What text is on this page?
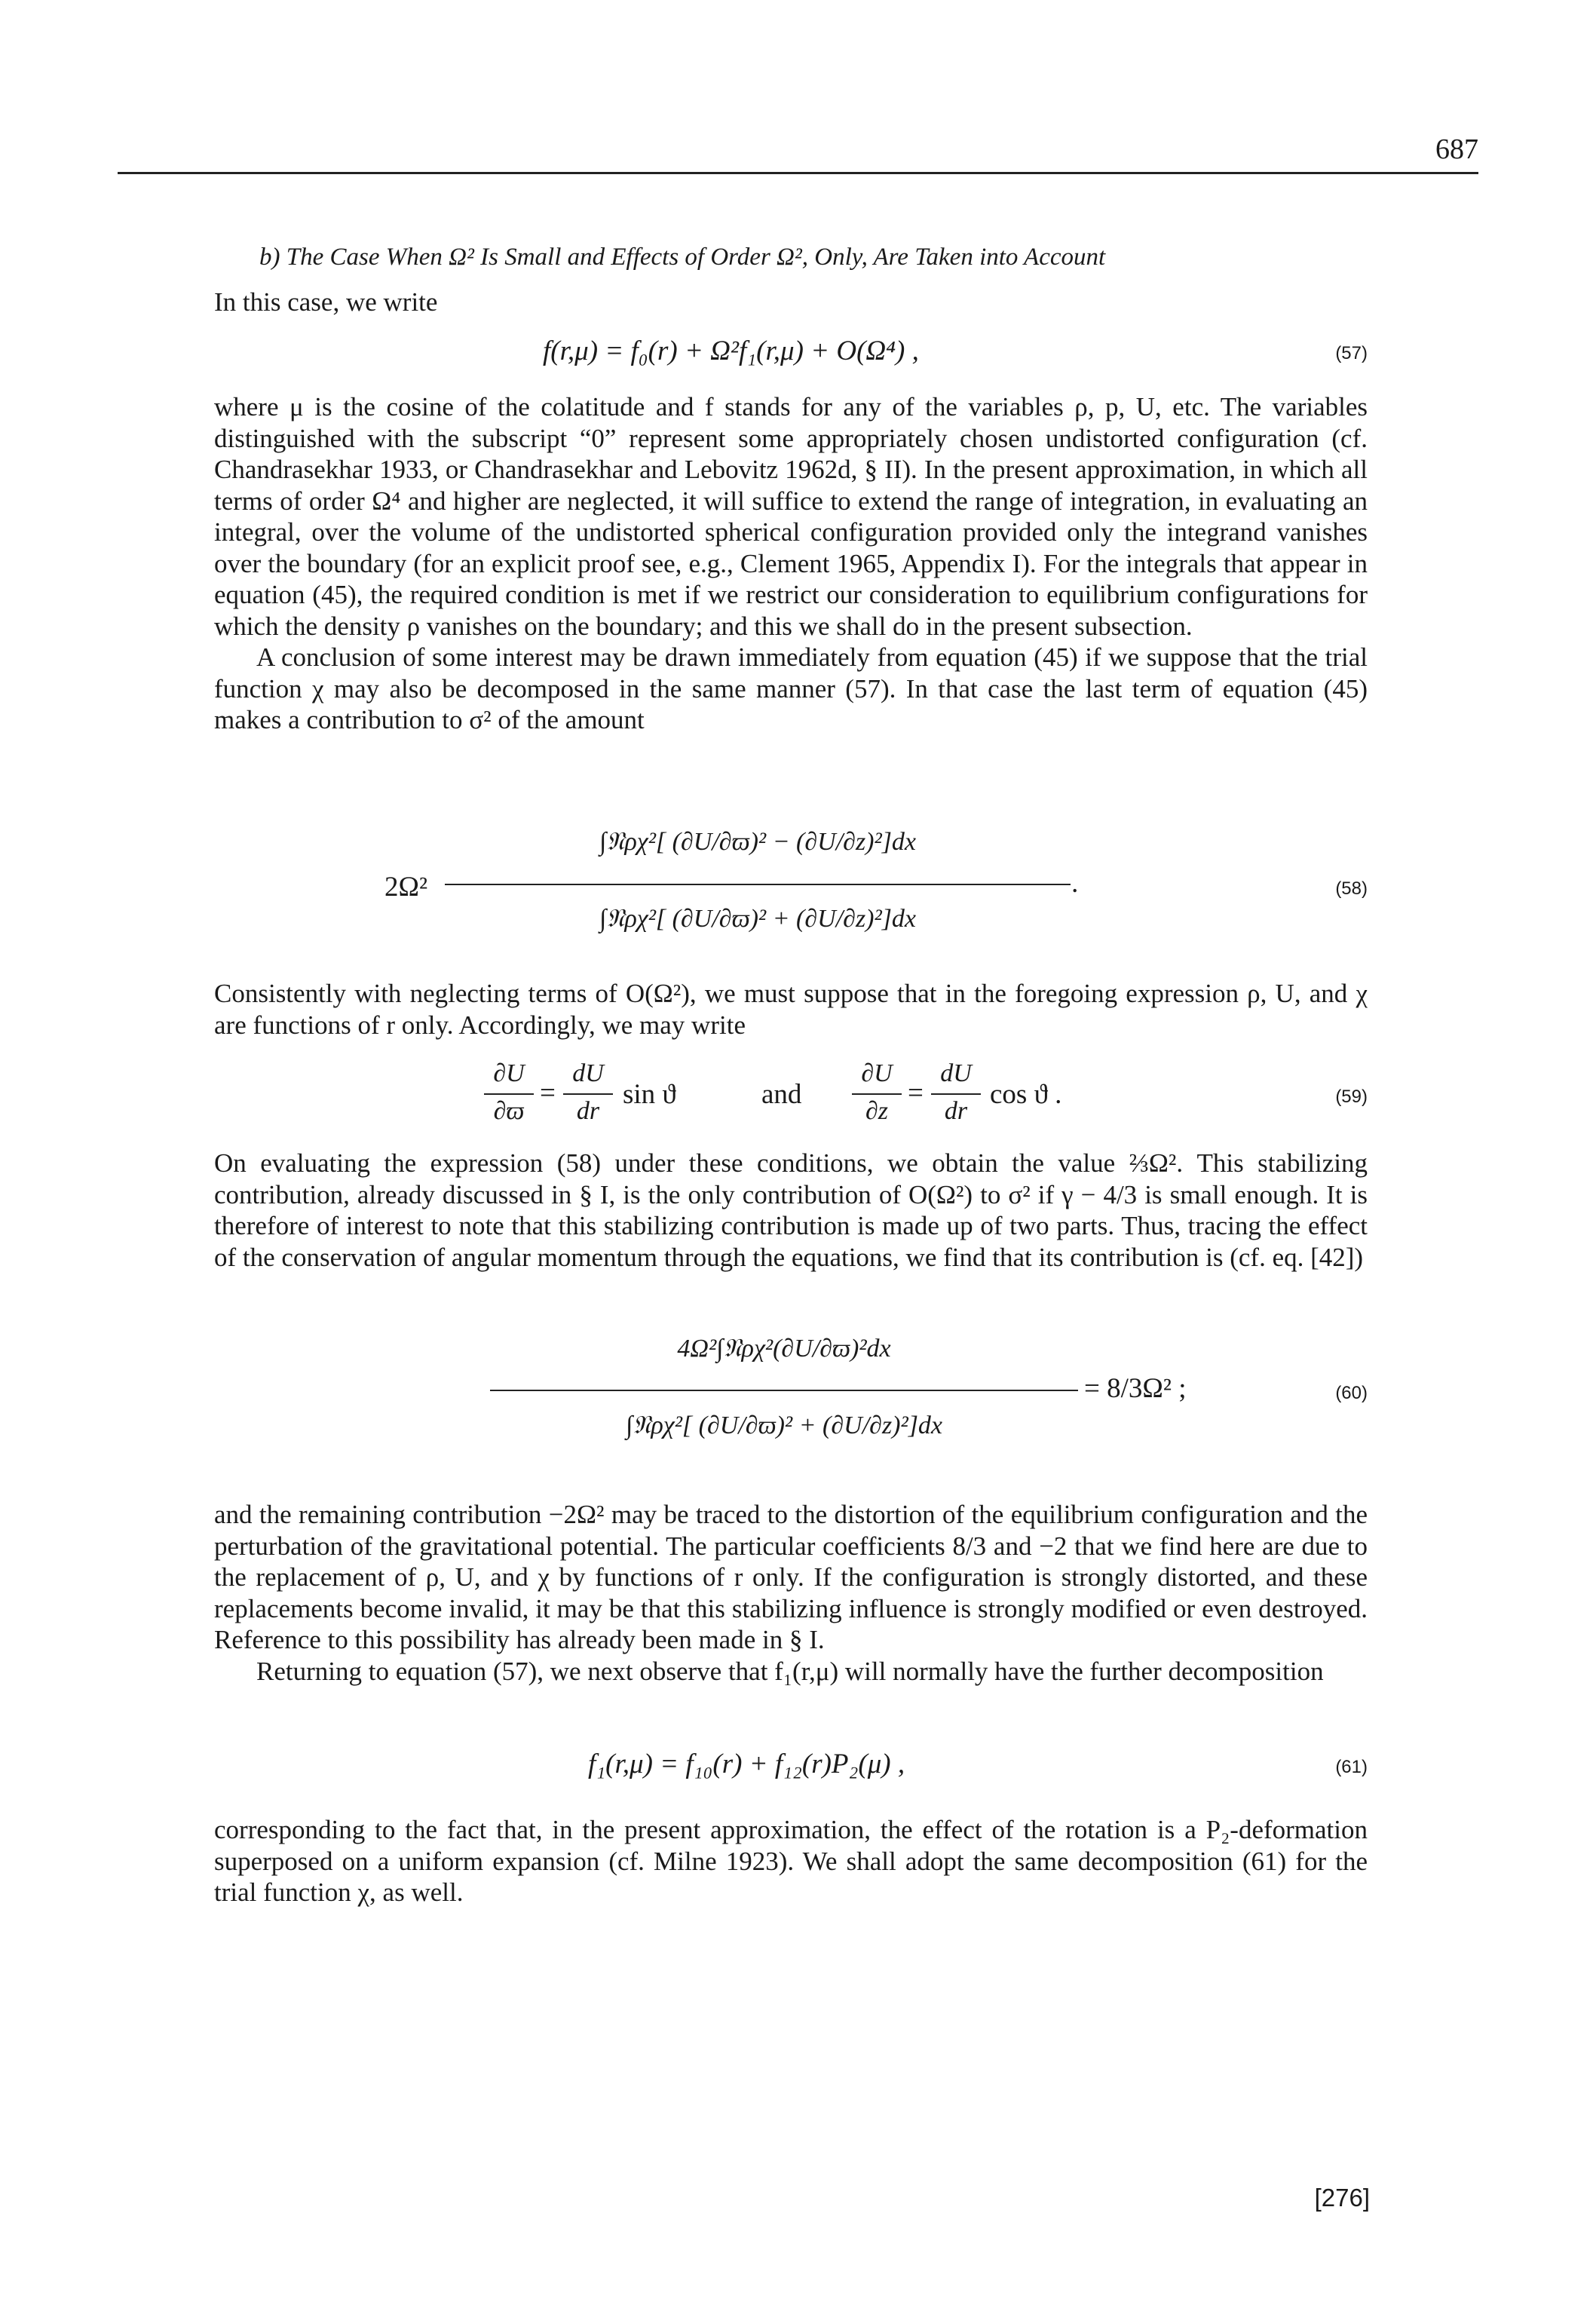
687
b) The Case When Ω² Is Small and Effects of Order Ω², Only, Are Taken into Account

In this case, we write

f(r,μ) = f₀(r) + Ω²f₁(r,μ) + O(Ω⁴) ,	(57)

where μ is the cosine of the colatitude and f stands for any of the variables ρ, p, U, etc. The variables distinguished with the subscript “0” represent some appropriately chosen undistorted configuration (cf. Chandrasekhar 1933, or Chandrasekhar and Lebovitz 1962d, § II). In the present approximation, in which all terms of order Ω⁴ and higher are neglected, it will suffice to extend the range of integration, in evaluating an integral, over the volume of the undistorted spherical configuration provided only the integrand vanishes over the boundary (for an explicit proof see, e.g., Clement 1965, Appendix I). For the integrals that appear in equation (45), the required condition is met if we restrict our consideration to equilibrium configurations for which the density ρ vanishes on the boundary; and this we shall do in the present subsection.

A conclusion of some interest may be drawn immediately from equation (45) if we suppose that the trial function χ may also be decomposed in the same manner (57). In that case the last term of equation (45) makes a contribution to σ² of the amount

2Ω²
∫𝔑ρχ²[ (∂U/∂ϖ)² − (∂U/∂z)²]dx
∫𝔑ρχ²[ (∂U/∂ϖ)² + (∂U/∂z)²]dx
.	(58)

Consistently with neglecting terms of O(Ω²), we must suppose that in the foregoing expression ρ, U, and χ are functions of r only. Accordingly, we may write

∂U
∂ϖ
=
dU
dr
sin ϑ	and
∂U
∂z
=
dU
dr
cos ϑ .	(59)

On evaluating the expression (58) under these conditions, we obtain the value ⅔Ω². This stabilizing contribution, already discussed in § I, is the only contribution of O(Ω²) to σ² if γ − 4/3 is small enough. It is therefore of interest to note that this stabilizing contribution is made up of two parts. Thus, tracing the effect of the conservation of angular momentum through the equations, we find that its contribution is (cf. eq. [42])

4Ω²∫𝔑ρχ²(∂U/∂ϖ)²dx
∫𝔑ρχ²[ (∂U/∂ϖ)² + (∂U/∂z)²]dx
= 8/3Ω² ;	(60)

and the remaining contribution −2Ω² may be traced to the distortion of the equilibrium configuration and the perturbation of the gravitational potential. The particular coefficients 8/3 and −2 that we find here are due to the replacement of ρ, U, and χ by functions of r only. If the configuration is strongly distorted, and these replacements become invalid, it may be that this stabilizing influence is strongly modified or even destroyed. Reference to this possibility has already been made in § I.

Returning to equation (57), we next observe that f₁(r,μ) will normally have the further decomposition

f₁(r,μ) = f₁₀(r) + f₁₂(r)P₂(μ) ,	(61)

corresponding to the fact that, in the present approximation, the effect of the rotation is a P₂-deformation superposed on a uniform expansion (cf. Milne 1923). We shall adopt the same decomposition (61) for the trial function χ, as well.

[276]
